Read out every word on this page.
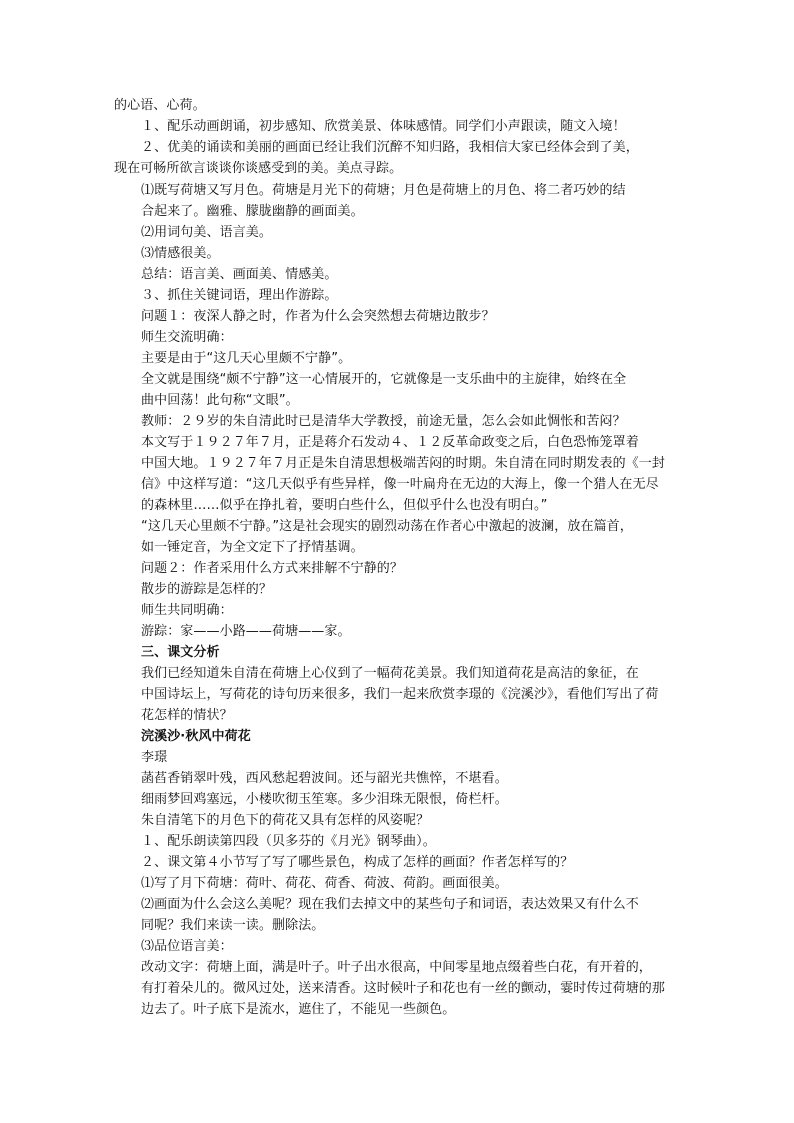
的心语、心荷。
１、配乐动画朗诵，初步感知、欣赏美景、体味感情。同学们小声跟读，随文入境！
２、优美的诵读和美丽的画面已经让我们沉醉不知归路，我相信大家已经体会到了美，
现在可畅所欲言谈谈你谈感受到的美。美点寻踪。
⑴既写荷塘又写月色。荷塘是月光下的荷塘；月色是荷塘上的月色、将二者巧妙的结
合起来了。幽雅、朦胧幽静的画面美。
⑵用词句美、语言美。
⑶情感很美。
总结：语言美、画面美、情感美。
３、抓住关键词语，理出作游踪。
问题１：夜深人静之时，作者为什么会突然想去荷塘边散步？
师生交流明确：
主要是由于“这几天心里颇不宁静”。
全文就是围绕“颇不宁静”这一心情展开的，它就像是一支乐曲中的主旋律，始终在全
曲中回荡！此句称“文眼”。
教师：２９岁的朱自清此时已是清华大学教授，前途无量，怎么会如此惆怅和苦闷？
本文写于１９２７年７月，正是蒋介石发动４、１２反革命政变之后，白色恐怖笼罩着
中国大地。１９２７年７月正是朱自清思想极端苦闷的时期。朱自清在同时期发表的《一封
信》中这样写道：“这几天似乎有些异样，像一叶扁舟在无边的大海上，像一个猎人在无尽
的森林里……似乎在挣扎着，要明白些什么，但似乎什么也没有明白。”
“这几天心里颇不宁静。”这是社会现实的剧烈动荡在作者心中激起的波澜，放在篇首，
如一锤定音，为全文定下了抒情基调。
问题２：作者采用什么方式来排解不宁静的？
散步的游踪是怎样的？
师生共同明确：
游踪：家——小路——荷塘——家。
三、课文分析
我们已经知道朱自清在荷塘上心仪到了一幅荷花美景。我们知道荷花是高洁的象征，在
中国诗坛上，写荷花的诗句历来很多，我们一起来欣赏李璟的《浣溪沙》，看他们写出了荷
花怎样的情状？
浣溪沙·秋风中荷花
李璟
菡萏香销翠叶残，西风愁起碧波间。还与韶光共憔悴，不堪看。
细雨梦回鸡塞远，小楼吹彻玉笙寒。多少泪珠无限恨，倚栏杆。
朱自清笔下的月色下的荷花又具有怎样的风姿呢？
１、配乐朗读第四段（贝多芬的《月光》钢琴曲）。
２、课文第４小节写了写了哪些景色，构成了怎样的画面？作者怎样写的？
⑴写了月下荷塘：荷叶、荷花、荷香、荷波、荷韵。画面很美。
⑵画面为什么会这么美呢？现在我们去掉文中的某些句子和词语，表达效果又有什么不
同呢？我们来读一读。删除法。
⑶品位语言美：
改动文字：荷塘上面，满是叶子。叶子出水很高，中间零星地点缀着些白花，有开着的，
有打着朵儿的。微风过处，送来清香。这时候叶子和花也有一丝的颤动，霎时传过荷塘的那
边去了。叶子底下是流水，遮住了，不能见一些颜色。
